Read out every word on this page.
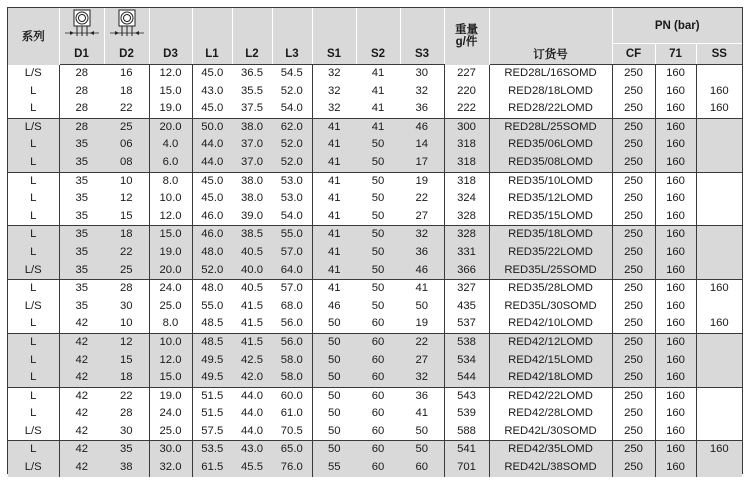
系列										重量
g/件		PN (bar)		
	D1	D2	D3	L1	L2	L3	S1	S2	S3		订货号	CF	71	SS
L/S	28	16	12.0	45.0	36.5	54.5	32	41	30	227	RED28L/16SOMD	250	160	
L	28	18	15.0	43.0	35.5	52.0	32	41	32	220	RED28/18LOMD	250	160	160
L	28	22	19.0	45.0	37.5	54.0	32	41	36	222	RED28/22LOMD	250	160	160
L/S	28	25	20.0	50.0	38.0	62.0	41	41	46	300	RED28L/25SOMD	250	160	
L	35	06	4.0	44.0	37.0	52.0	41	50	14	318	RED35/06LOMD	250	160	
L	35	08	6.0	44.0	37.0	52.0	41	50	17	318	RED35/08LOMD	250	160	
L	35	10	8.0	45.0	38.0	53.0	41	50	19	318	RED35/10LOMD	250	160	
L	35	12	10.0	45.0	38.0	53.0	41	50	22	324	RED35/12LOMD	250	160	
L	35	15	12.0	46.0	39.0	54.0	41	50	27	328	RED35/15LOMD	250	160	
L	35	18	15.0	46.0	38.5	55.0	41	50	32	328	RED35/18LOMD	250	160	
L	35	22	19.0	48.0	40.5	57.0	41	50	36	331	RED35/22LOMD	250	160	
L/S	35	25	20.0	52.0	40.0	64.0	41	50	46	366	RED35L/25SOMD	250	160	
L	35	28	24.0	48.0	40.5	57.0	41	50	41	327	RED35/28LOMD	250	160	160
L/S	35	30	25.0	55.0	41.5	68.0	46	50	50	435	RED35L/30SOMD	250	160	
L	42	10	8.0	48.5	41.5	56.0	50	60	19	537	RED42/10LOMD	250	160	160
L	42	12	10.0	48.5	41.5	56.0	50	60	22	538	RED42/12LOMD	250	160	
L	42	15	12.0	49.5	42.5	58.0	50	60	27	534	RED42/15LOMD	250	160	
L	42	18	15.0	49.5	42.0	58.0	50	60	32	544	RED42/18LOMD	250	160	
L	42	22	19.0	51.5	44.0	60.0	50	60	36	543	RED42/22LOMD	250	160	
L	42	28	24.0	51.5	44.0	61.0	50	60	41	539	RED42/28LOMD	250	160	
L/S	42	30	25.0	57.5	44.0	70.5	50	60	50	588	RED42L/30SOMD	250	160	
L	42	35	30.0	53.5	43.0	65.0	50	60	50	541	RED42/35LOMD	250	160	160
L/S	42	38	32.0	61.5	45.5	76.0	55	60	60	701	RED42L/38SOMD	250	160	
